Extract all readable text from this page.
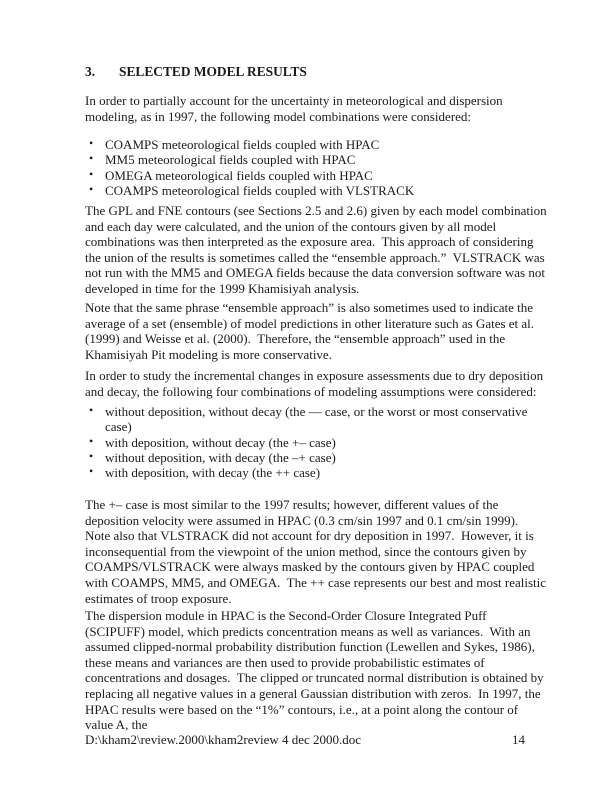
3. SELECTED MODEL RESULTS
In order to partially account for the uncertainty in meteorological and dispersion modeling, as in 1997, the following model combinations were considered:
• COAMPS meteorological fields coupled with HPAC
• MM5 meteorological fields coupled with HPAC
• OMEGA meteorological fields coupled with HPAC
• COAMPS meteorological fields coupled with VLSTRACK
The GPL and FNE contours (see Sections 2.5 and 2.6) given by each model combination and each day were calculated, and the union of the contours given by all model combinations was then interpreted as the exposure area.  This approach of considering the union of the results is sometimes called the “ensemble approach.”  VLSTRACK was not run with the MM5 and OMEGA fields because the data conversion software was not developed in time for the 1999 Khamisiyah analysis.
Note that the same phrase “ensemble approach” is also sometimes used to indicate the average of a set (ensemble) of model predictions in other literature such as Gates et al. (1999) and Weisse et al. (2000).  Therefore, the “ensemble approach” used in the Khamisiyah Pit modeling is more conservative.
In order to study the incremental changes in exposure assessments due to dry deposition and decay, the following four combinations of modeling assumptions were considered:
• without deposition, without decay (the –– case, or the worst or most conservative case)
• with deposition, without decay (the +– case)
• without deposition, with decay (the –+ case)
• with deposition, with decay (the ++ case)
The +– case is most similar to the 1997 results; however, different values of the deposition velocity were assumed in HPAC (0.3 cm/sin 1997 and 0.1 cm/sin 1999).  Note also that VLSTRACK did not account for dry deposition in 1997.  However, it is inconsequential from the viewpoint of the union method, since the contours given by COAMPS/VLSTRACK were always masked by the contours given by HPAC coupled with COAMPS, MM5, and OMEGA.  The ++ case represents our best and most realistic estimates of troop exposure.
The dispersion module in HPAC is the Second-Order Closure Integrated Puff (SCIPUFF) model, which predicts concentration means as well as variances.  With an assumed clipped-normal probability distribution function (Lewellen and Sykes, 1986), these means and variances are then used to provide probabilistic estimates of concentrations and dosages.  The clipped or truncated normal distribution is obtained by replacing all negative values in a general Gaussian distribution with zeros.  In 1997, the HPAC results were based on the “1%” contours, i.e., at a point along the contour of value A, the
D:\kham2\review.2000\kham2review 4 dec 2000.doc	14
